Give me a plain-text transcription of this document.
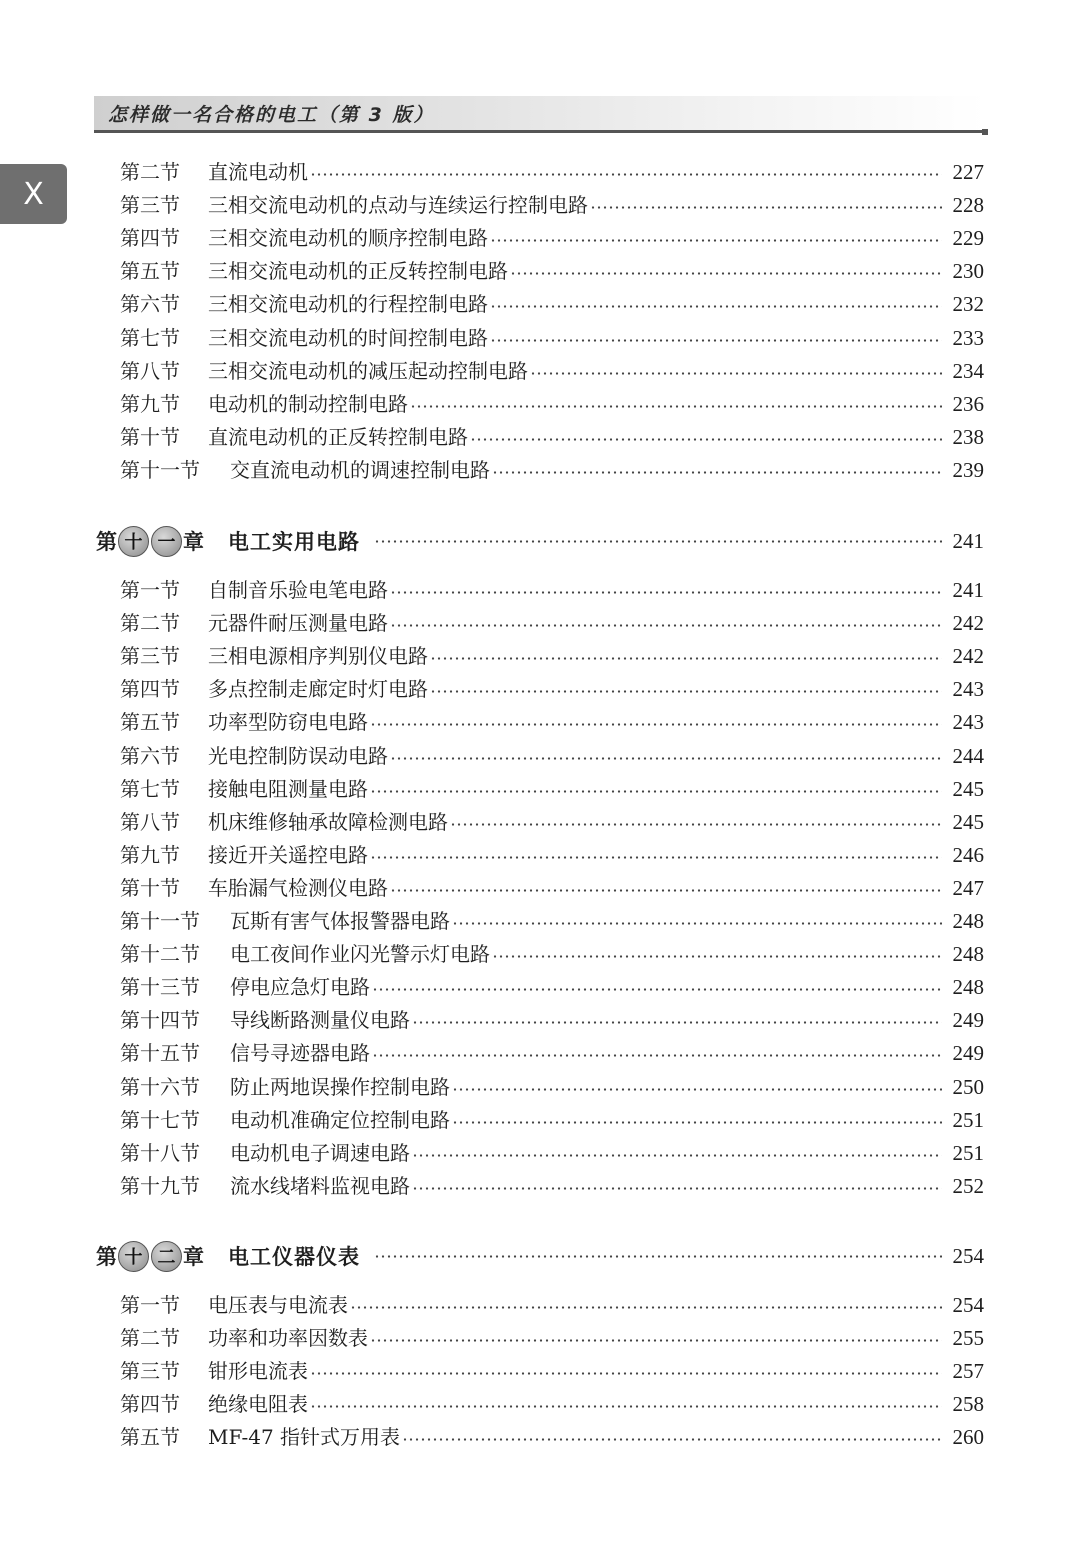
怎样做一名合格的电工（第 3 版）
X
第二节	直流电动机	227
第三节	三相交流电动机的点动与连续运行控制电路	228
第四节	三相交流电动机的顺序控制电路	229
第五节	三相交流电动机的正反转控制电路	230
第六节	三相交流电动机的行程控制电路	232
第七节	三相交流电动机的时间控制电路	233
第八节	三相交流电动机的减压起动控制电路	234
第九节	电动机的制动控制电路	236
第十节	直流电动机的正反转控制电路	238
第十一节	交直流电动机的调速控制电路	239
第 十 一 章 电工实用电路	241
第一节	自制音乐验电笔电路	241
第二节	元器件耐压测量电路	242
第三节	三相电源相序判别仪电路	242
第四节	多点控制走廊定时灯电路	243
第五节	功率型防窃电电路	243
第六节	光电控制防误动电路	244
第七节	接触电阻测量电路	245
第八节	机床维修轴承故障检测电路	245
第九节	接近开关遥控电路	246
第十节	车胎漏气检测仪电路	247
第十一节	瓦斯有害气体报警器电路	248
第十二节	电工夜间作业闪光警示灯电路	248
第十三节	停电应急灯电路	248
第十四节	导线断路测量仪电路	249
第十五节	信号寻迹器电路	249
第十六节	防止两地误操作控制电路	250
第十七节	电动机准确定位控制电路	251
第十八节	电动机电子调速电路	251
第十九节	流水线堵料监视电路	252
第 十 二 章 电工仪器仪表	254
第一节	电压表与电流表	254
第二节	功率和功率因数表	255
第三节	钳形电流表	257
第四节	绝缘电阻表	258
第五节	MF-47 指针式万用表	260
